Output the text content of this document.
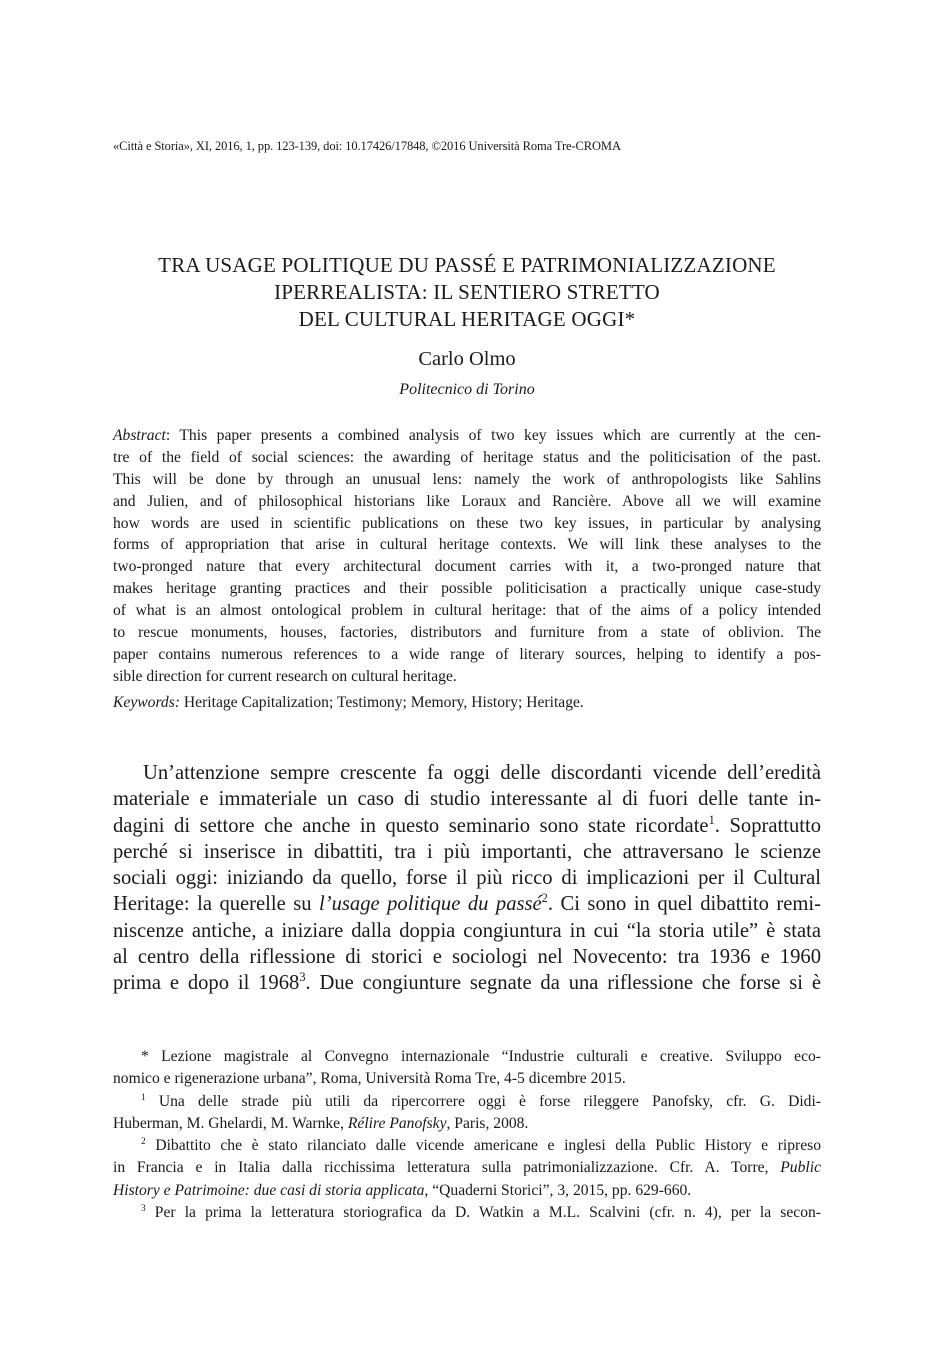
«Città e Storia», XI, 2016, 1, pp. 123-139, doi: 10.17426/17848, ©2016 Università Roma Tre-CROMA
TRA USAGE POLITIQUE DU PASSÉ E PATRIMONIALIZZAZIONE
IPERREALISTA: IL SENTIERO STRETTO
DEL CULTURAL HERITAGE OGGI*
Carlo Olmo
Politecnico di Torino
Abstract: This paper presents a combined analysis of two key issues which are currently at the cen-
tre of the field of social sciences: the awarding of heritage status and the politicisation of the past.
This will be done by through an unusual lens: namely the work of anthropologists like Sahlins
and Julien, and of philosophical historians like Loraux and Rancière. Above all we will examine
how words are used in scientific publications on these two key issues, in particular by analysing
forms of appropriation that arise in cultural heritage contexts. We will link these analyses to the
two-pronged nature that every architectural document carries with it, a two-pronged nature that
makes heritage granting practices and their possible politicisation a practically unique case-study
of what is an almost ontological problem in cultural heritage: that of the aims of a policy intended
to rescue monuments, houses, factories, distributors and furniture from a state of oblivion. The
paper contains numerous references to a wide range of literary sources, helping to identify a pos-
sible direction for current research on cultural heritage.
Keywords: Heritage Capitalization; Testimony; Memory, History; Heritage.
Un’attenzione sempre crescente fa oggi delle discordanti vicende dell’eredità
materiale e immateriale un caso di studio interessante al di fuori delle tante in-
dagini di settore che anche in questo seminario sono state ricordate$^1$. Soprattutto
perché si inserisce in dibattiti, tra i più importanti, che attraversano le scienze
sociali oggi: iniziando da quello, forse il più ricco di implicazioni per il Cultural
Heritage: la querelle su l’usage politique du passé$^2$. Ci sono in quel dibattito remi-
niscenze antiche, a iniziare dalla doppia congiuntura in cui “la storia utile” è stata
al centro della riflessione di storici e sociologi nel Novecento: tra 1936 e 1960
prima e dopo il 1968$^3$. Due congiunture segnate da una riflessione che forse si è
* Lezione magistrale al Convegno internazionale “Industrie culturali e creative. Sviluppo eco-
nomico e rigenerazione urbana”, Roma, Università Roma Tre, 4-5 dicembre 2015.
$^1$ Una delle strade più utili da ripercorrere oggi è forse rileggere Panofsky, cfr. G. Didi-
Huberman, M. Ghelardi, M. Warnke, Rélire Panofsky, Paris, 2008.
$^2$ Dibattito che è stato rilanciato dalle vicende americane e inglesi della Public History e ripreso
in Francia e in Italia dalla ricchissima letteratura sulla patrimonializzazione. Cfr. A. Torre, Public
History e Patrimoine: due casi di storia applicata, “Quaderni Storici”, 3, 2015, pp. 629-660.
$^3$ Per la prima la letteratura storiografica da D. Watkin a M.L. Scalvini (cfr. n. 4), per la secon-
